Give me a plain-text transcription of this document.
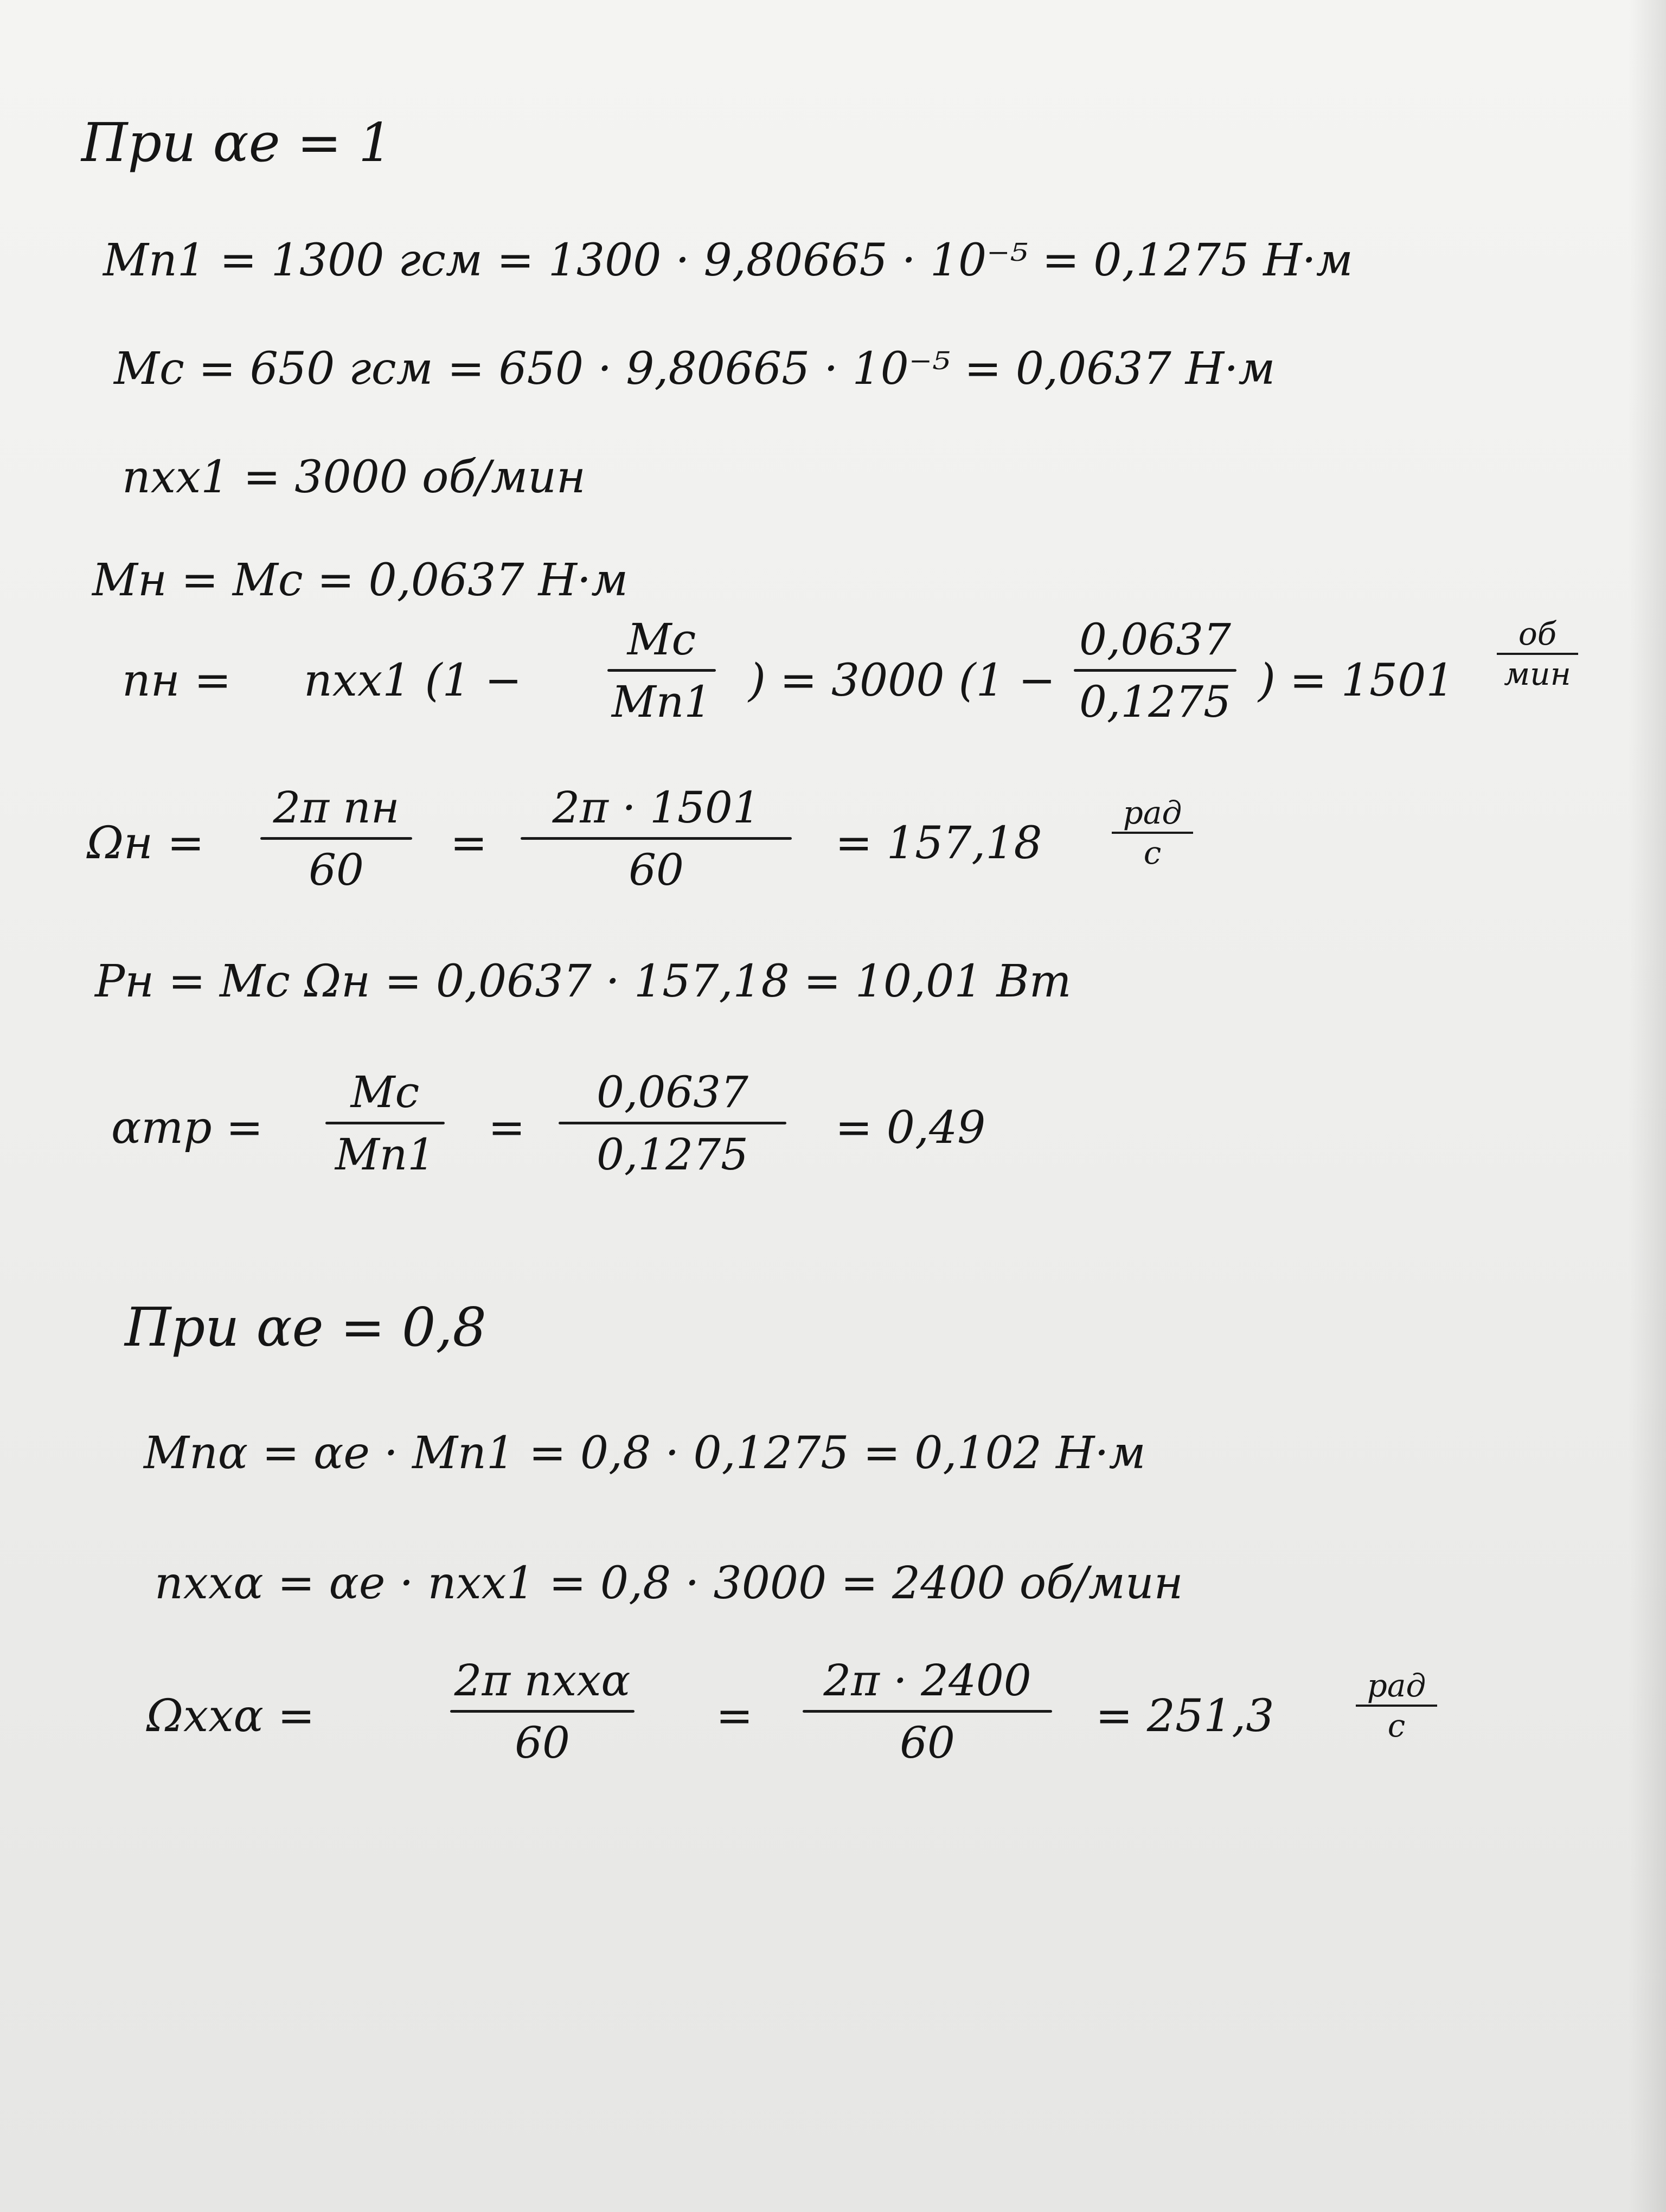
При αe = 1
Mп1 = 1300 гсм = 1300 · 9,80665 · 10⁻⁵ = 0,1275 Н·м
Mс = 650 гсм = 650 · 9,80665 · 10⁻⁵ = 0,0637 Н·м
nxx1 = 3000 об/мин
Mн = Mс = 0,0637 Н·м
nн = nxx1 (1 −
Mс
Mп1 ) = 3000 (1 −
0,0637
0,1275 ) = 1501
об
мин
Ωн =
2π nн
60
=
2π · 1501
60
= 157,18
рад
с
Pн = Mс Ωн = 0,0637 · 157,18 = 10,01 Вт
αтр =
Mс
Mп1
=
0,0637
0,1275
= 0,49
При αe = 0,8
Mпα = αe · Mп1 = 0,8 · 0,1275 = 0,102 Н·м
nxxα = αe · nxx1 = 0,8 · 3000 = 2400 об/мин
Ωxxα =
2π nxxα
60
=
2π · 2400
60
= 251,3
рад
с
